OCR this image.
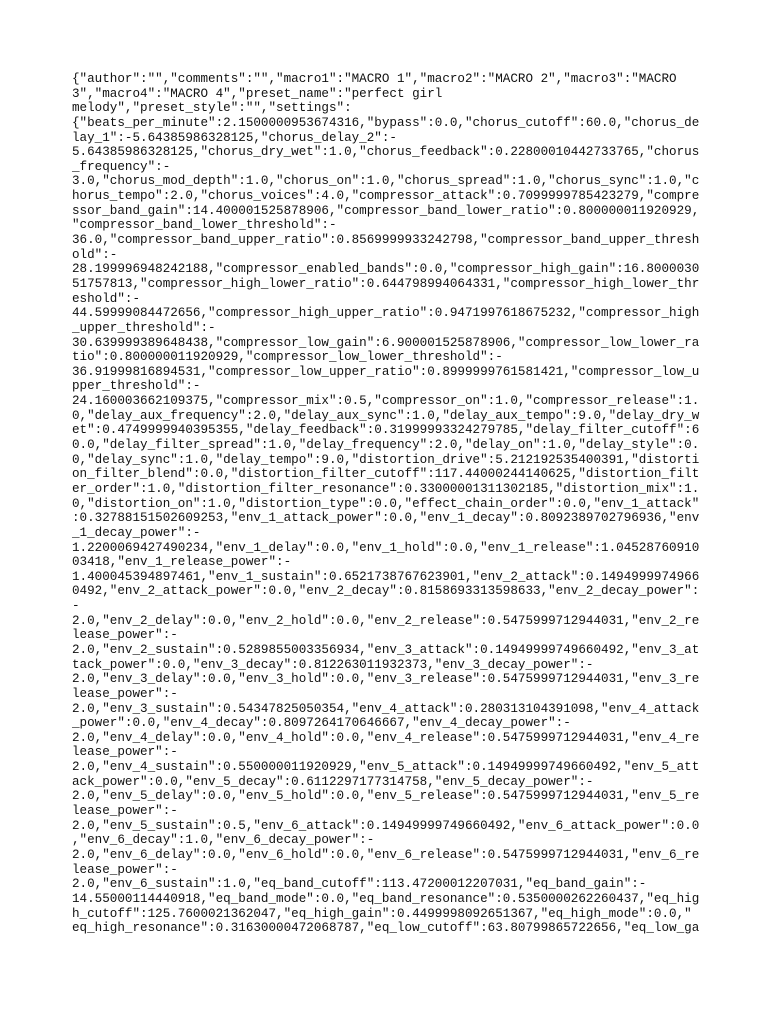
{"author":"","comments":"","macro1":"MACRO 1","macro2":"MACRO 2","macro3":"MACRO
3","macro4":"MACRO 4","preset_name":"perfect girl
melody","preset_style":"","settings":
{"beats_per_minute":2.1500000953674316,"bypass":0.0,"chorus_cutoff":60.0,"chorus_de
lay_1":-5.64385986328125,"chorus_delay_2":-
5.64385986328125,"chorus_dry_wet":1.0,"chorus_feedback":0.22800010442733765,"chorus
_frequency":-
3.0,"chorus_mod_depth":1.0,"chorus_on":1.0,"chorus_spread":1.0,"chorus_sync":1.0,"c
horus_tempo":2.0,"chorus_voices":4.0,"compressor_attack":0.7099999785423279,"compre
ssor_band_gain":14.400001525878906,"compressor_band_lower_ratio":0.800000011920929,
"compressor_band_lower_threshold":-
36.0,"compressor_band_upper_ratio":0.8569999933242798,"compressor_band_upper_thresh
old":-
28.199996948242188,"compressor_enabled_bands":0.0,"compressor_high_gain":16.8000030
51757813,"compressor_high_lower_ratio":0.644798994064331,"compressor_high_lower_thr
eshold":-
44.59999084472656,"compressor_high_upper_ratio":0.9471997618675232,"compressor_high
_upper_threshold":-
30.639999389648438,"compressor_low_gain":6.900001525878906,"compressor_low_lower_ra
tio":0.800000011920929,"compressor_low_lower_threshold":-
36.91999816894531,"compressor_low_upper_ratio":0.8999999761581421,"compressor_low_u
pper_threshold":-
24.160003662109375,"compressor_mix":0.5,"compressor_on":1.0,"compressor_release":1.
0,"delay_aux_frequency":2.0,"delay_aux_sync":1.0,"delay_aux_tempo":9.0,"delay_dry_w
et":0.4749999940395355,"delay_feedback":0.31999993324279785,"delay_filter_cutoff":6
0.0,"delay_filter_spread":1.0,"delay_frequency":2.0,"delay_on":1.0,"delay_style":0.
0,"delay_sync":1.0,"delay_tempo":9.0,"distortion_drive":5.212192535400391,"distorti
on_filter_blend":0.0,"distortion_filter_cutoff":117.44000244140625,"distortion_filt
er_order":1.0,"distortion_filter_resonance":0.33000001311302185,"distortion_mix":1.
0,"distortion_on":1.0,"distortion_type":0.0,"effect_chain_order":0.0,"env_1_attack"
:0.32788151502609253,"env_1_attack_power":0.0,"env_1_decay":0.8092389702796936,"env
_1_decay_power":-
1.2200069427490234,"env_1_delay":0.0,"env_1_hold":0.0,"env_1_release":1.04528760910
03418,"env_1_release_power":-
1.400045394897461,"env_1_sustain":0.6521738767623901,"env_2_attack":0.1494999974966
0492,"env_2_attack_power":0.0,"env_2_decay":0.8158693313598633,"env_2_decay_power":
-
2.0,"env_2_delay":0.0,"env_2_hold":0.0,"env_2_release":0.5475999712944031,"env_2_re
lease_power":-
2.0,"env_2_sustain":0.5289855003356934,"env_3_attack":0.14949999749660492,"env_3_at
tack_power":0.0,"env_3_decay":0.812263011932373,"env_3_decay_power":-
2.0,"env_3_delay":0.0,"env_3_hold":0.0,"env_3_release":0.5475999712944031,"env_3_re
lease_power":-
2.0,"env_3_sustain":0.54347825050354,"env_4_attack":0.280313104391098,"env_4_attack
_power":0.0,"env_4_decay":0.8097264170646667,"env_4_decay_power":-
2.0,"env_4_delay":0.0,"env_4_hold":0.0,"env_4_release":0.5475999712944031,"env_4_re
lease_power":-
2.0,"env_4_sustain":0.550000011920929,"env_5_attack":0.14949999749660492,"env_5_att
ack_power":0.0,"env_5_decay":0.6112297177314758,"env_5_decay_power":-
2.0,"env_5_delay":0.0,"env_5_hold":0.0,"env_5_release":0.5475999712944031,"env_5_re
lease_power":-
2.0,"env_5_sustain":0.5,"env_6_attack":0.14949999749660492,"env_6_attack_power":0.0
,"env_6_decay":1.0,"env_6_decay_power":-
2.0,"env_6_delay":0.0,"env_6_hold":0.0,"env_6_release":0.5475999712944031,"env_6_re
lease_power":-
2.0,"env_6_sustain":1.0,"eq_band_cutoff":113.47200012207031,"eq_band_gain":-
14.55000114440918,"eq_band_mode":0.0,"eq_band_resonance":0.5350000262260437,"eq_hig
h_cutoff":125.7600021362047,"eq_high_gain":0.4499998092651367,"eq_high_mode":0.0,"
eq_high_resonance":0.31630000472068787,"eq_low_cutoff":63.80799865722656,"eq_low_ga
